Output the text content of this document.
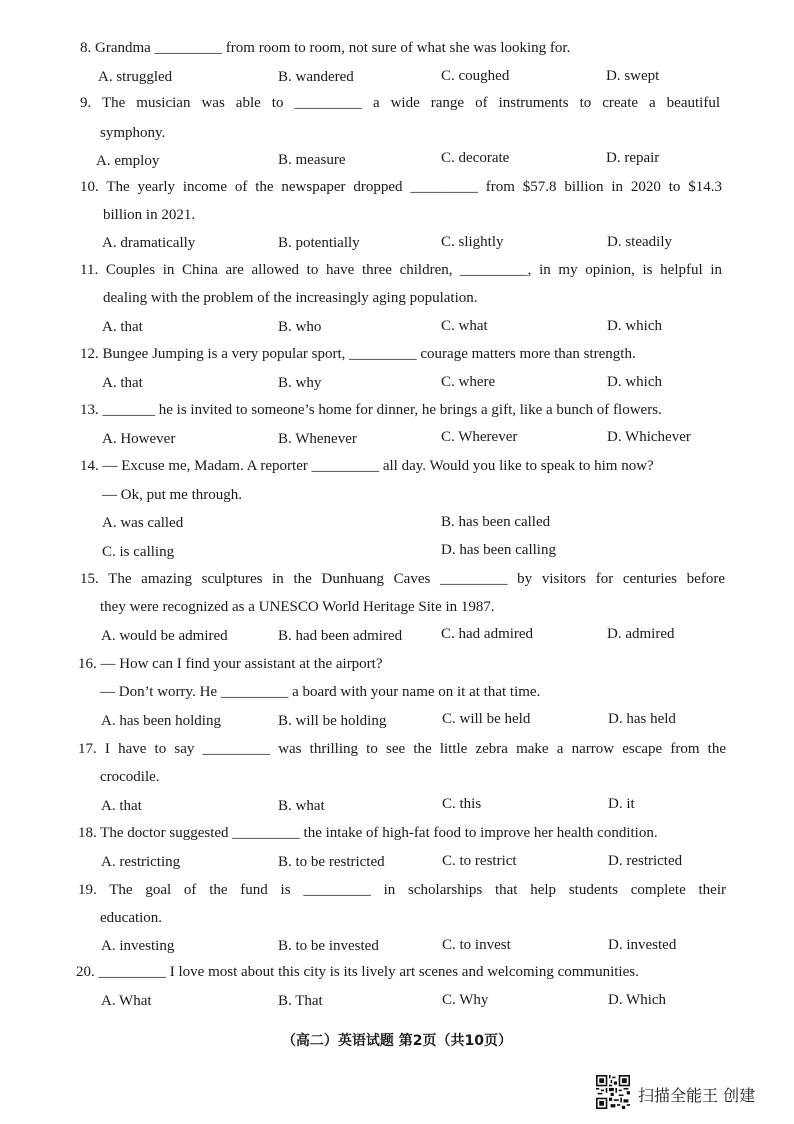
8. Grandma _________ from room to room, not sure of what she was looking for.
A. struggled	B. wandered	C. coughed	D. swept
9. The musician was able to _________ a wide range of instruments to create a beautiful
symphony.
A. employ	B. measure	C. decorate	D. repair
10. The yearly income of the newspaper dropped _________ from $57.8 billion in 2020 to $14.3
billion in 2021.
A. dramatically	B. potentially	C. slightly	D. steadily
11. Couples in China are allowed to have three children, _________, in my opinion, is helpful in
dealing with the problem of the increasingly aging population.
A. that	B. who	C. what	D. which
12. Bungee Jumping is a very popular sport, _________ courage matters more than strength.
A. that	B. why	C. where	D. which
13. _______ he is invited to someone’s home for dinner, he brings a gift, like a bunch of flowers.
A. However	B. Whenever	C. Wherever	D. Whichever
14. — Excuse me, Madam. A reporter _________ all day. Would you like to speak to him now?
— Ok, put me through.
A. was called	B. has been called
C. is calling	D. has been calling
15. The amazing sculptures in the Dunhuang Caves _________ by visitors for centuries before
they were recognized as a UNESCO World Heritage Site in 1987.
A. would be admired	B. had been admired	C. had admired	D. admired
16. — How can I find your assistant at the airport?
— Don’t worry. He _________ a board with your name on it at that time.
A. has been holding	B. will be holding	C. will be held	D. has held
17. I have to say _________ was thrilling to see the little zebra make a narrow escape from the
crocodile.
A. that	B. what	C. this	D. it
18. The doctor suggested _________ the intake of high-fat food to improve her health condition.
A. restricting	B. to be restricted	C. to restrict	D. restricted
19. The goal of the fund is _________ in scholarships that help students complete their
education.
A. investing	B. to be invested	C. to invest	D. invested
20. _________ I love most about this city is its lively art scenes and welcoming communities.
A. What	B. That	C. Why	D. Which
（高二）英语试题 第2页（共10页）
扫描全能王 创建
